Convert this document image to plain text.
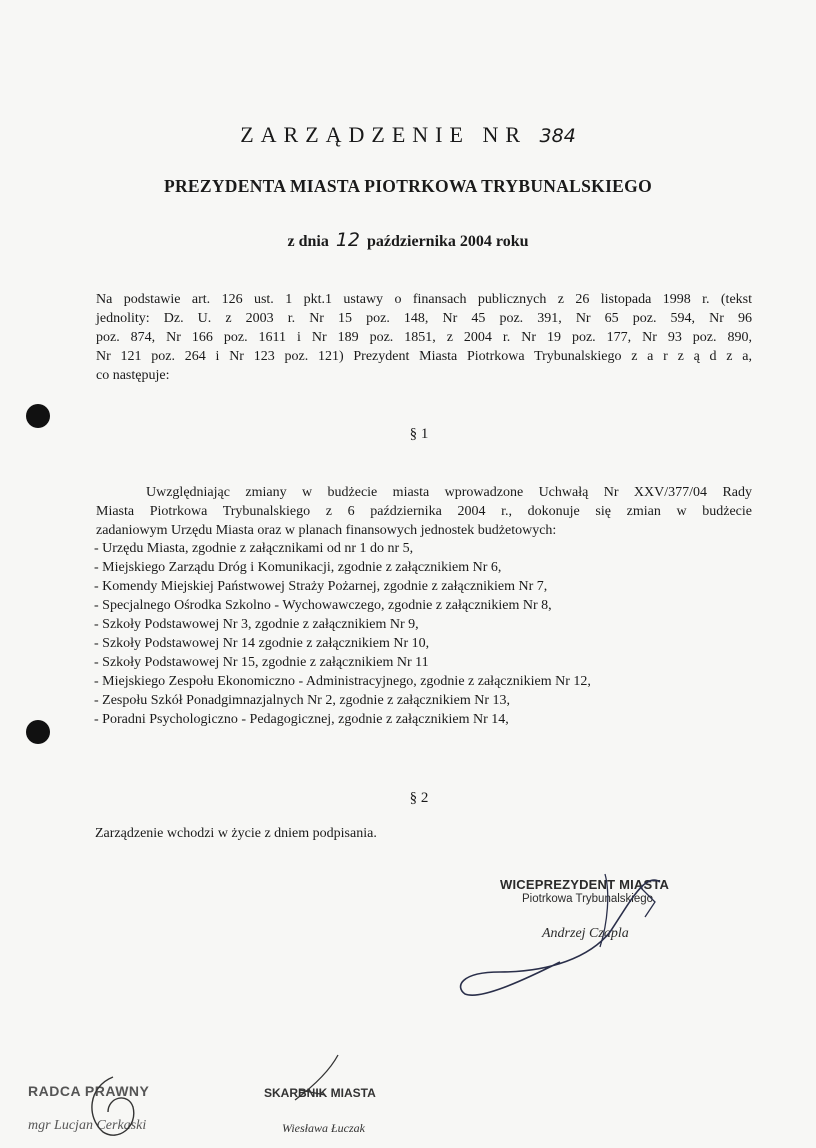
ZARZĄDZENIE NR 384
PREZYDENTA MIASTA PIOTRKOWA TRYBUNALSKIEGO
z dnia 12 października 2004 roku
Na podstawie art. 126 ust. 1 pkt.1 ustawy o finansach publicznych z 26 listopada 1998 r. (tekst
jednolity: Dz. U. z 2003 r. Nr 15 poz. 148, Nr 45 poz. 391, Nr 65 poz. 594, Nr 96
poz. 874, Nr 166 poz. 1611 i Nr 189 poz. 1851, z 2004 r. Nr 19 poz. 177, Nr 93 poz. 890,
Nr 121 poz. 264 i Nr 123 poz. 121) Prezydent Miasta Piotrkowa Trybunalskiego z a r z ą d z a,
co następuje:
§ 1
Uwzględniając zmiany w budżecie miasta wprowadzone Uchwałą Nr XXV/377/04 Rady
Miasta Piotrkowa Trybunalskiego z 6 października 2004 r., dokonuje się zmian w budżecie
zadaniowym Urzędu Miasta oraz w planach finansowych jednostek budżetowych:
- Urzędu Miasta, zgodnie z załącznikami od nr 1 do nr 5,
- Miejskiego Zarządu Dróg i Komunikacji, zgodnie z załącznikiem Nr 6,
- Komendy Miejskiej Państwowej Straży Pożarnej, zgodnie z załącznikiem Nr 7,
- Specjalnego Ośrodka Szkolno - Wychowawczego, zgodnie z załącznikiem Nr 8,
- Szkoły Podstawowej Nr 3, zgodnie z załącznikiem Nr 9,
- Szkoły Podstawowej Nr 14 zgodnie z załącznikiem Nr 10,
- Szkoły Podstawowej Nr 15, zgodnie z załącznikiem Nr 11
- Miejskiego Zespołu Ekonomiczno - Administracyjnego, zgodnie z załącznikiem Nr 12,
- Zespołu Szkół Ponadgimnazjalnych Nr 2, zgodnie z załącznikiem Nr 13,
- Poradni Psychologiczno - Pedagogicznej, zgodnie z załącznikiem Nr 14,
§ 2
Zarządzenie wchodzi w życie z dniem podpisania.
WICEPREZYDENT MIASTA
Piotrkowa Trybunalskiego
Andrzej Czapla
RADCA PRAWNY
mgr Lucjan Cerkaski
SKARBNIK MIASTA
Wiesława Łuczak
